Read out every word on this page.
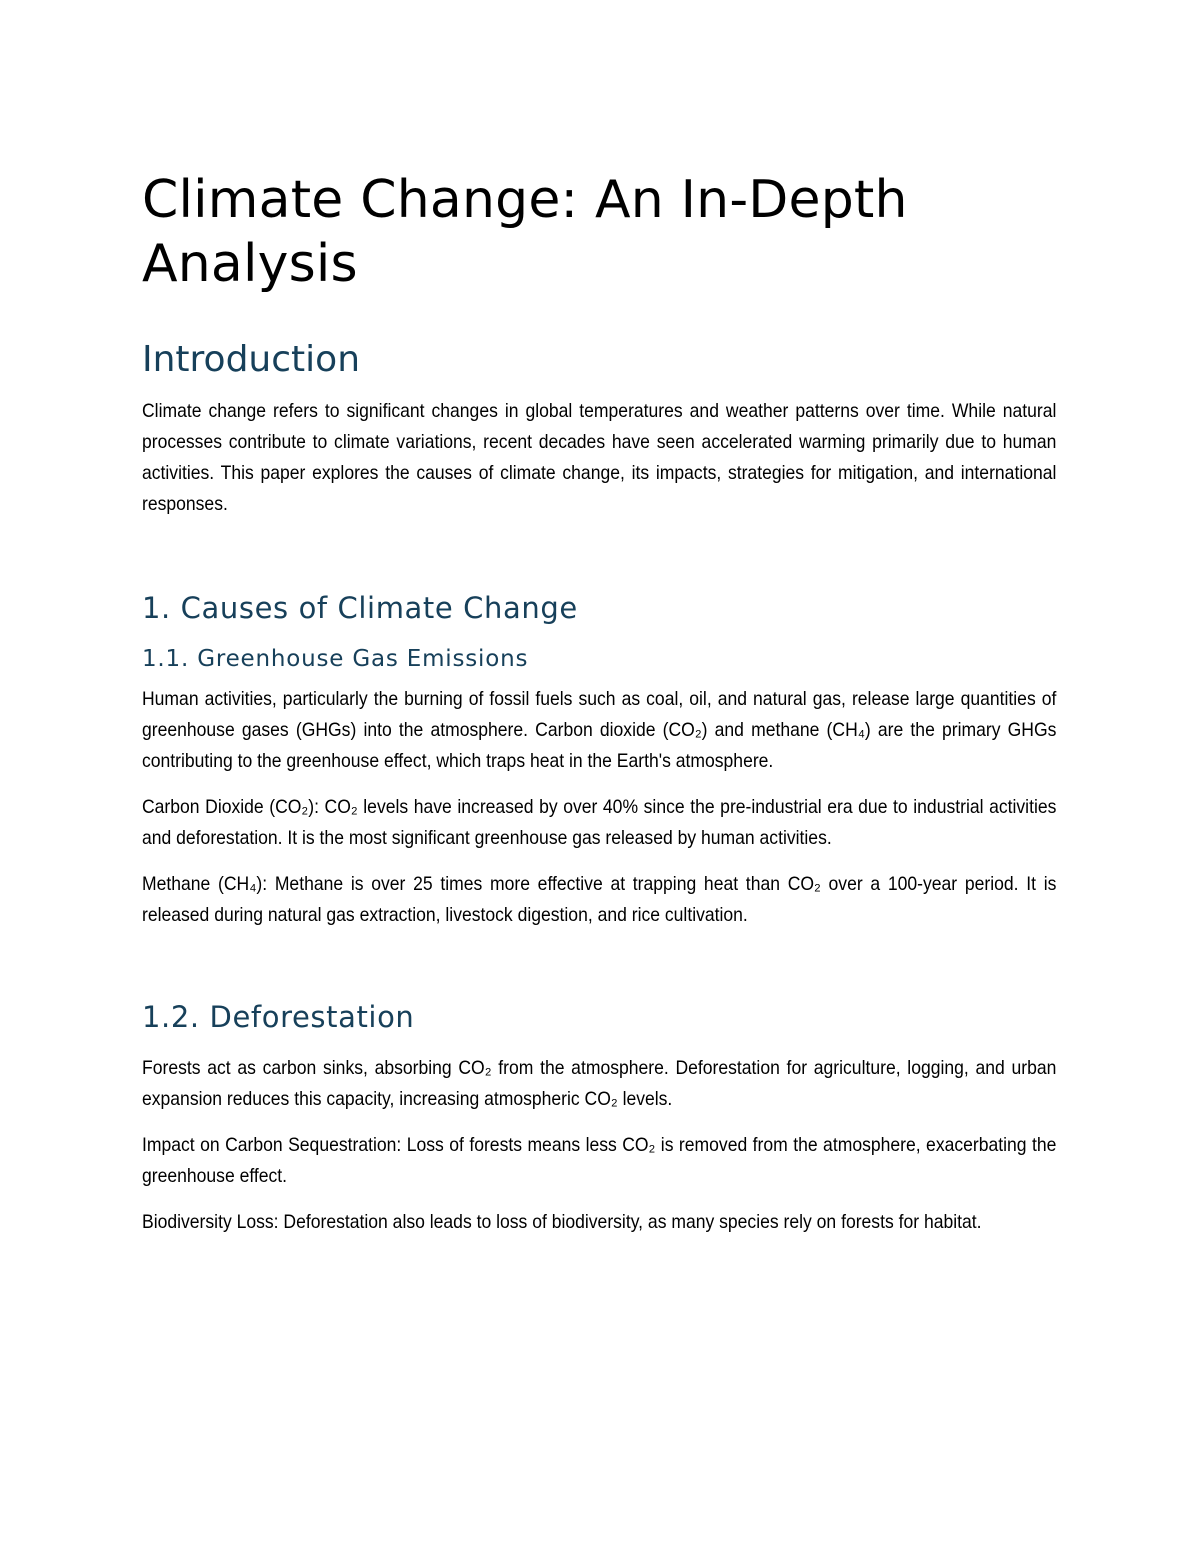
Climate Change: An In-Depth Analysis
Introduction

Climate change refers to significant changes in global temperatures and weather patterns over time. While natural processes contribute to climate variations, recent decades have seen accelerated warming primarily due to human activities. This paper explores the causes of climate change, its impacts, strategies for mitigation, and international responses.

1. Causes of Climate Change
1.1. Greenhouse Gas Emissions

Human activities, particularly the burning of fossil fuels such as coal, oil, and natural gas, release large quantities of greenhouse gases (GHGs) into the atmosphere. Carbon dioxide (CO₂) and methane (CH₄) are the primary GHGs contributing to the greenhouse effect, which traps heat in the Earth's atmosphere.

Carbon Dioxide (CO₂): CO₂ levels have increased by over 40% since the pre-industrial era due to industrial activities and deforestation. It is the most significant greenhouse gas released by human activities.

Methane (CH₄): Methane is over 25 times more effective at trapping heat than CO₂ over a 100-year period. It is released during natural gas extraction, livestock digestion, and rice cultivation.

1.2. Deforestation

Forests act as carbon sinks, absorbing CO₂ from the atmosphere. Deforestation for agriculture, logging, and urban expansion reduces this capacity, increasing atmospheric CO₂ levels.

Impact on Carbon Sequestration: Loss of forests means less CO₂ is removed from the atmosphere, exacerbating the greenhouse effect.

Biodiversity Loss: Deforestation also leads to loss of biodiversity, as many species rely on forests for habitat.
